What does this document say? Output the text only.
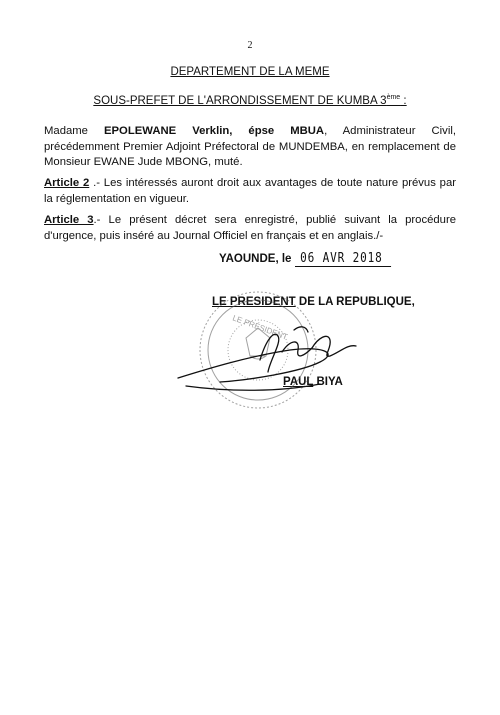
2
DEPARTEMENT DE LA MEME
SOUS-PREFET DE L'ARRONDISSEMENT DE KUMBA 3ème :
Madame EPOLEWANE Verklin, épse MBUA, Administrateur Civil, précédemment Premier Adjoint Préfectoral de MUNDEMBA, en remplacement de Monsieur EWANE Jude MBONG, muté.
Article 2 .- Les intéressés auront droit aux avantages de toute nature prévus par la réglementation en vigueur.
Article 3.- Le présent décret sera enregistré, publié suivant la procédure d'urgence, puis inséré au Journal Officiel en français et en anglais./-
YAOUNDE, le 06 AVR 2018
LE PRESIDENT DE LA REPUBLIQUE,
PAUL BIYA
LE PRÉSIDENT
